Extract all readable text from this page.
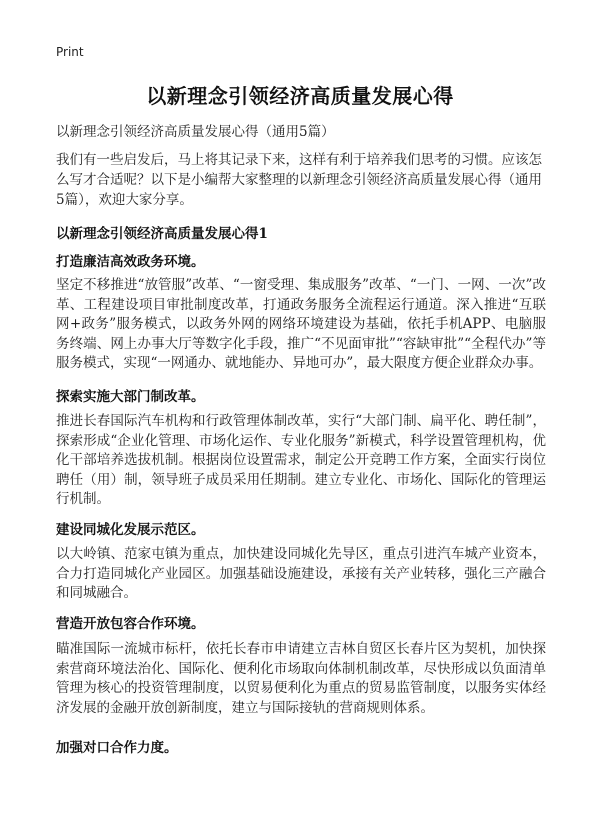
Print
以新理念引领经济高质量发展心得
以新理念引领经济高质量发展心得（通用5篇）
我们有一些启发后，马上将其记录下来，这样有利于培养我们思考的习惯。应该怎么写才合适呢？以下是小编帮大家整理的以新理念引领经济高质量发展心得（通用5篇），欢迎大家分享。
以新理念引领经济高质量发展心得1
打造廉洁高效政务环境。
坚定不移推进“放管服”改革、“一窗受理、集成服务”改革、“一门、一网、一次”改革、工程建设项目审批制度改革，打通政务服务全流程运行通道。深入推进“互联网+政务”服务模式，以政务外网的网络环境建设为基础，依托手机APP、电脑服务终端、网上办事大厅等数字化手段，推广“不见面审批”“容缺审批”“全程代办”等服务模式，实现“一网通办、就地能办、异地可办”，最大限度方便企业群众办事。
探索实施大部门制改革。
推进长春国际汽车机构和行政管理体制改革，实行“大部门制、扁平化、聘任制”，探索形成“企业化管理、市场化运作、专业化服务”新模式，科学设置管理机构，优化干部培养选拔机制。根据岗位设置需求，制定公开竞聘工作方案，全面实行岗位聘任（用）制，领导班子成员采用任期制。建立专业化、市场化、国际化的管理运行机制。
建设同城化发展示范区。
以大岭镇、范家屯镇为重点，加快建设同城化先导区，重点引进汽车城产业资本，合力打造同城化产业园区。加强基础设施建设，承接有关产业转移，强化三产融合和同城融合。
营造开放包容合作环境。
瞄准国际一流城市标杆，依托长春市申请建立吉林自贸区长春片区为契机，加快探索营商环境法治化、国际化、便利化市场取向体制机制改革，尽快形成以负面清单管理为核心的投资管理制度，以贸易便利化为重点的贸易监管制度，以服务实体经济发展的金融开放创新制度，建立与国际接轨的营商规则体系。
加强对口合作力度。
